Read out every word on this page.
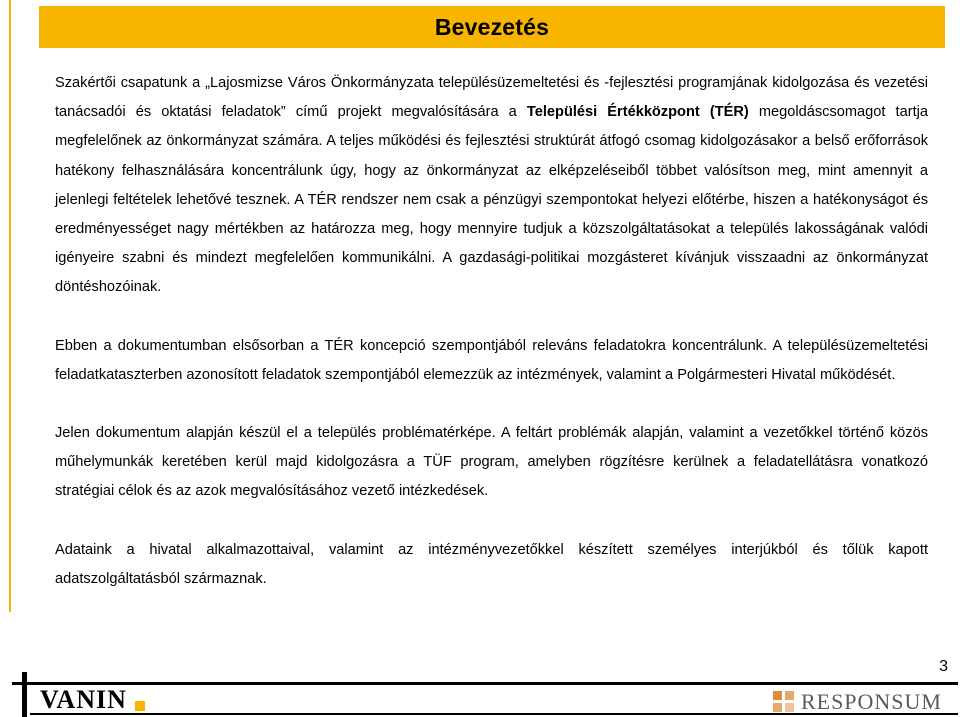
Bevezetés

Szakértői csapatunk a „Lajosmizse Város Önkormányzata településüzemeltetési és -fejlesztési programjának kidolgozása és vezetési tanácsadói és oktatási feladatok” című projekt megvalósítására a Települési Értékközpont (TÉR) megoldáscsomagot tartja megfelelőnek az önkormányzat számára. A teljes működési és fejlesztési struktúrát átfogó csomag kidolgozásakor a belső erőforrások hatékony felhasználására koncentrálunk úgy, hogy az önkormányzat az elképzeléseiből többet valósítson meg, mint amennyit a jelenlegi feltételek lehetővé tesznek. A TÉR rendszer nem csak a pénzügyi szempontokat helyezi előtérbe, hiszen a hatékonyságot és eredményességet nagy mértékben az határozza meg, hogy mennyire tudjuk a közszolgáltatásokat a település lakosságának valódi igényeire szabni és mindezt megfelelően kommunikálni. A gazdasági-politikai mozgásteret kívánjuk visszaadni az önkormányzat döntéshozóinak.

Ebben a dokumentumban elsősorban a TÉR koncepció szempontjából releváns feladatokra koncentrálunk. A településüzemeltetési feladatkataszterben azonosított feladatok szempontjából elemezzük az intézmények, valamint a Polgármesteri Hivatal működését.

Jelen dokumentum alapján készül el a település problématérképe. A feltárt problémák alapján, valamint a vezetőkkel történő közös műhelymunkák keretében kerül majd kidolgozásra a TÜF program, amelyben rögzítésre kerülnek a feladatellátásra vonatkozó stratégiai célok és az azok megvalósításához vezető intézkedések.

Adataink a hivatal alkalmazottaival, valamint az intézményvezetőkkel készített személyes interjúkból és tőlük kapott adatszolgáltatásból származnak.

3
VANIN	RESPONSUM
